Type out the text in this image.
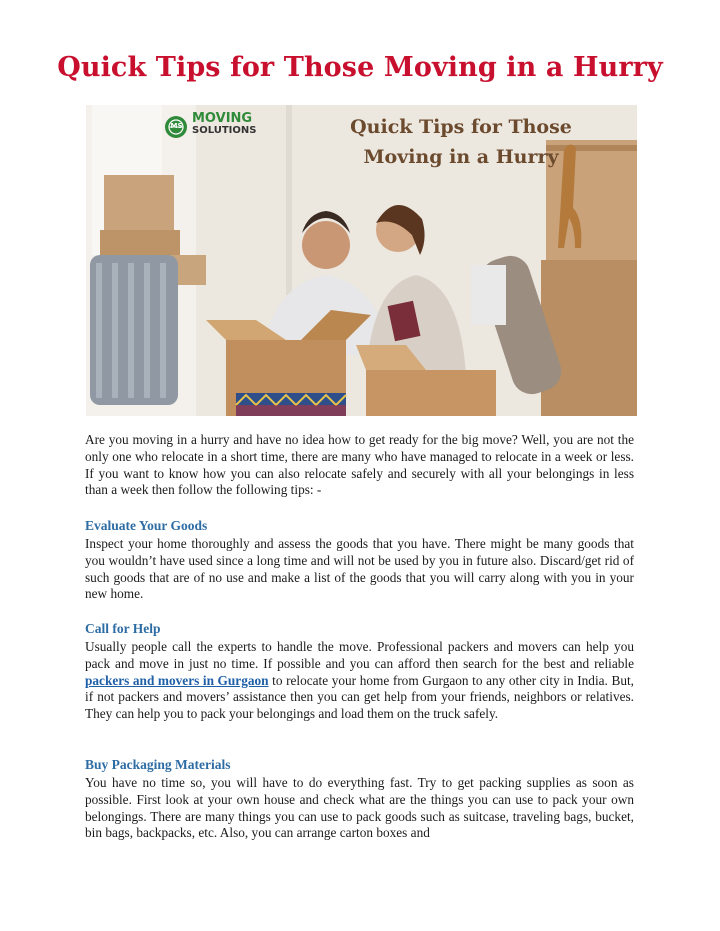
Quick Tips for Those Moving in a Hurry
MOVING
SOLUTIONS
MS	Quick Tips for Those
Moving in a Hurry

Are you moving in a hurry and have no idea how to get ready for the big move? Well, you are not the only one who relocate in a short time, there are many who have managed to relocate in a week or less. If you want to know how you can also relocate safely and securely with all your belongings in less than a week then follow the following tips: -

Evaluate Your Goods

Inspect your home thoroughly and assess the goods that you have. There might be many goods that you wouldn’t have used since a long time and will not be used by you in future also. Discard/get rid of such goods that are of no use and make a list of the goods that you will carry along with you in your new home.

Call for Help

Usually people call the experts to handle the move. Professional packers and movers can help you pack and move in just no time. If possible and you can afford then search for the best and reliable packers and movers in Gurgaon to relocate your home from Gurgaon to any other city in India. But, if not packers and movers’ assistance then you can get help from your friends, neighbors or relatives. They can help you to pack your belongings and load them on the truck safely.

Buy Packaging Materials

You have no time so, you will have to do everything fast. Try to get packing supplies as soon as possible. First look at your own house and check what are the things you can use to pack your own belongings. There are many things you can use to pack goods such as suitcase, traveling bags, bucket, bin bags, backpacks, etc. Also, you can arrange carton boxes and
